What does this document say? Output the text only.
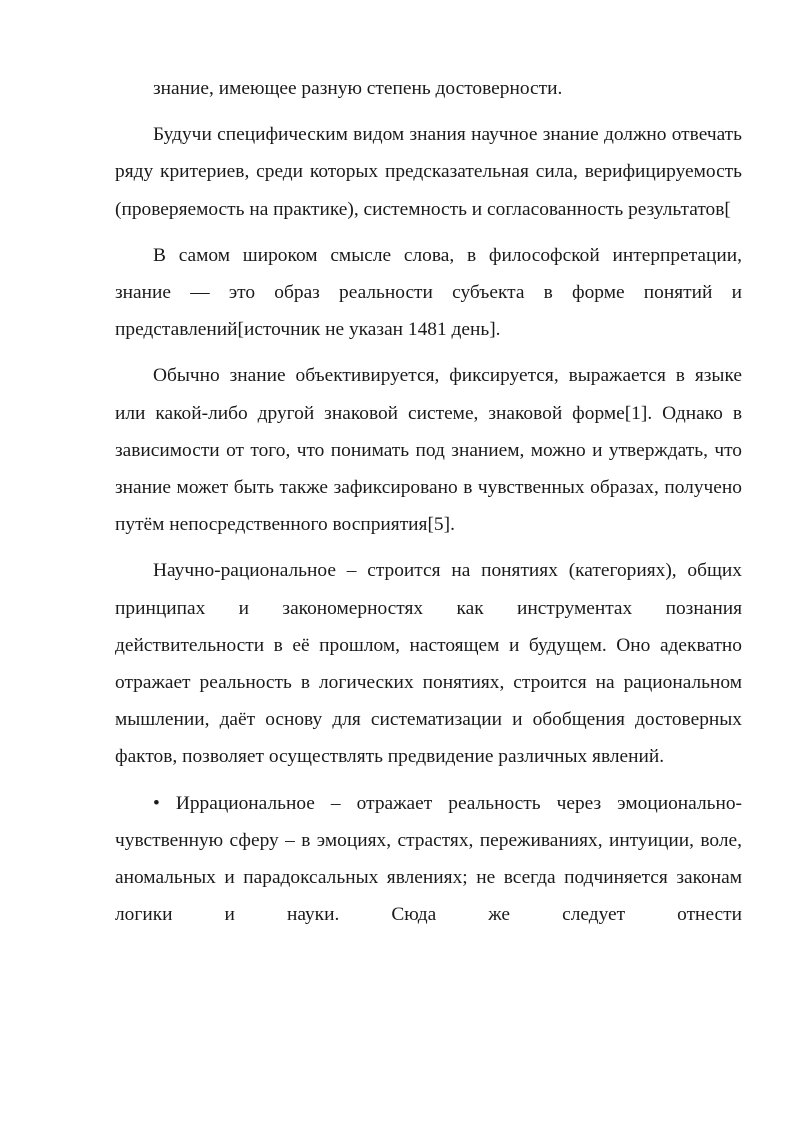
знание, имеющее разную степень достоверности.

Будучи специфическим видом знания научное знание должно отвечать ряду критериев, среди которых предсказательная сила, верифицируемость (проверяемость на практике), системность и согласованность результатов[

В самом широком смысле слова, в философской интерпретации, знание — это образ реальности субъекта в форме понятий и представлений[источник не указан 1481 день].

Обычно знание объективируется, фиксируется, выражается в языке или какой-либо другой знаковой системе, знаковой форме[1]. Однако в зависимости от того, что понимать под знанием, можно и утверждать, что знание может быть также зафиксировано в чувственных образах, получено путём непосредственного восприятия[5].

Научно-рациональное – строится на понятиях (категориях), общих принципах и закономерностях как инструментах познания действительности в её прошлом, настоящем и будущем. Оно адекватно отражает реальность в логических понятиях, строится на рациональном мышлении, даёт основу для систематизации и обобщения достоверных фактов, позволяет осуществлять предвидение различных явлений.

• Иррациональное – отражает реальность через эмоционально-чувственную сферу – в эмоциях, страстях, переживаниях, интуиции, воле, аномальных и парадоксальных явлениях; не всегда подчиняется законам логики и науки. Сюда же следует отнести
